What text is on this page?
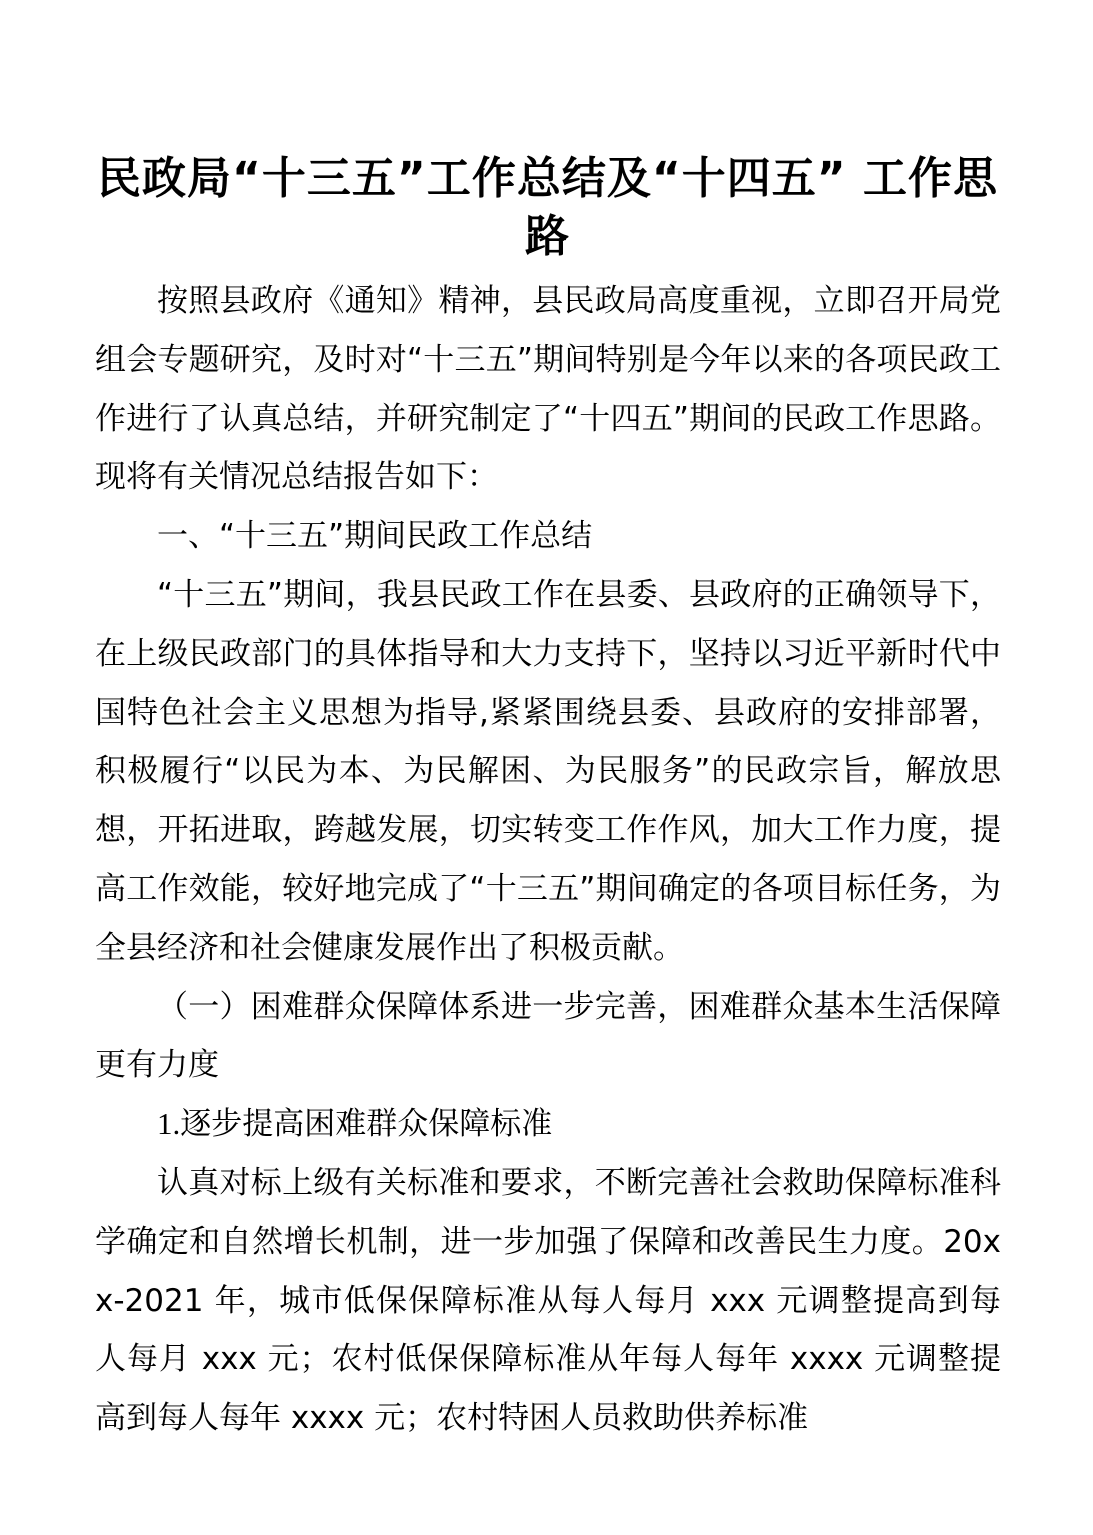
民政局“十三五”工作总结及“十四五” 工作思路

按照县政府《通知》精神，县民政局高度重视，立即召开局党组会专题研究，及时对“十三五”期间特别是今年以来的各项民政工作进行了认真总结，并研究制定了“十四五”期间的民政工作思路。现将有关情况总结报告如下：

一、“十三五”期间民政工作总结

“十三五”期间，我县民政工作在县委、县政府的正确领导下，在上级民政部门的具体指导和大力支持下，坚持以习近平新时代中国特色社会主义思想为指导,紧紧围绕县委、县政府的安排部署，积极履行“以民为本、为民解困、为民服务”的民政宗旨，解放思想，开拓进取，跨越发展，切实转变工作作风，加大工作力度，提高工作效能，较好地完成了“十三五”期间确定的各项目标任务，为全县经济和社会健康发展作出了积极贡献。

（一）困难群众保障体系进一步完善，困难群众基本生活保障更有力度

1.逐步提高困难群众保障标准

认真对标上级有关标准和要求，不断完善社会救助保障标准科学确定和自然增长机制，进一步加强了保障和改善民生力度。20xx-2021 年，城市低保保障标准从每人每月 xxx 元调整提高到每人每月 xxx 元；农村低保保障标准从年每人每年 xxxx 元调整提高到每人每年 xxxx 元；农村特困人员救助供养标准
